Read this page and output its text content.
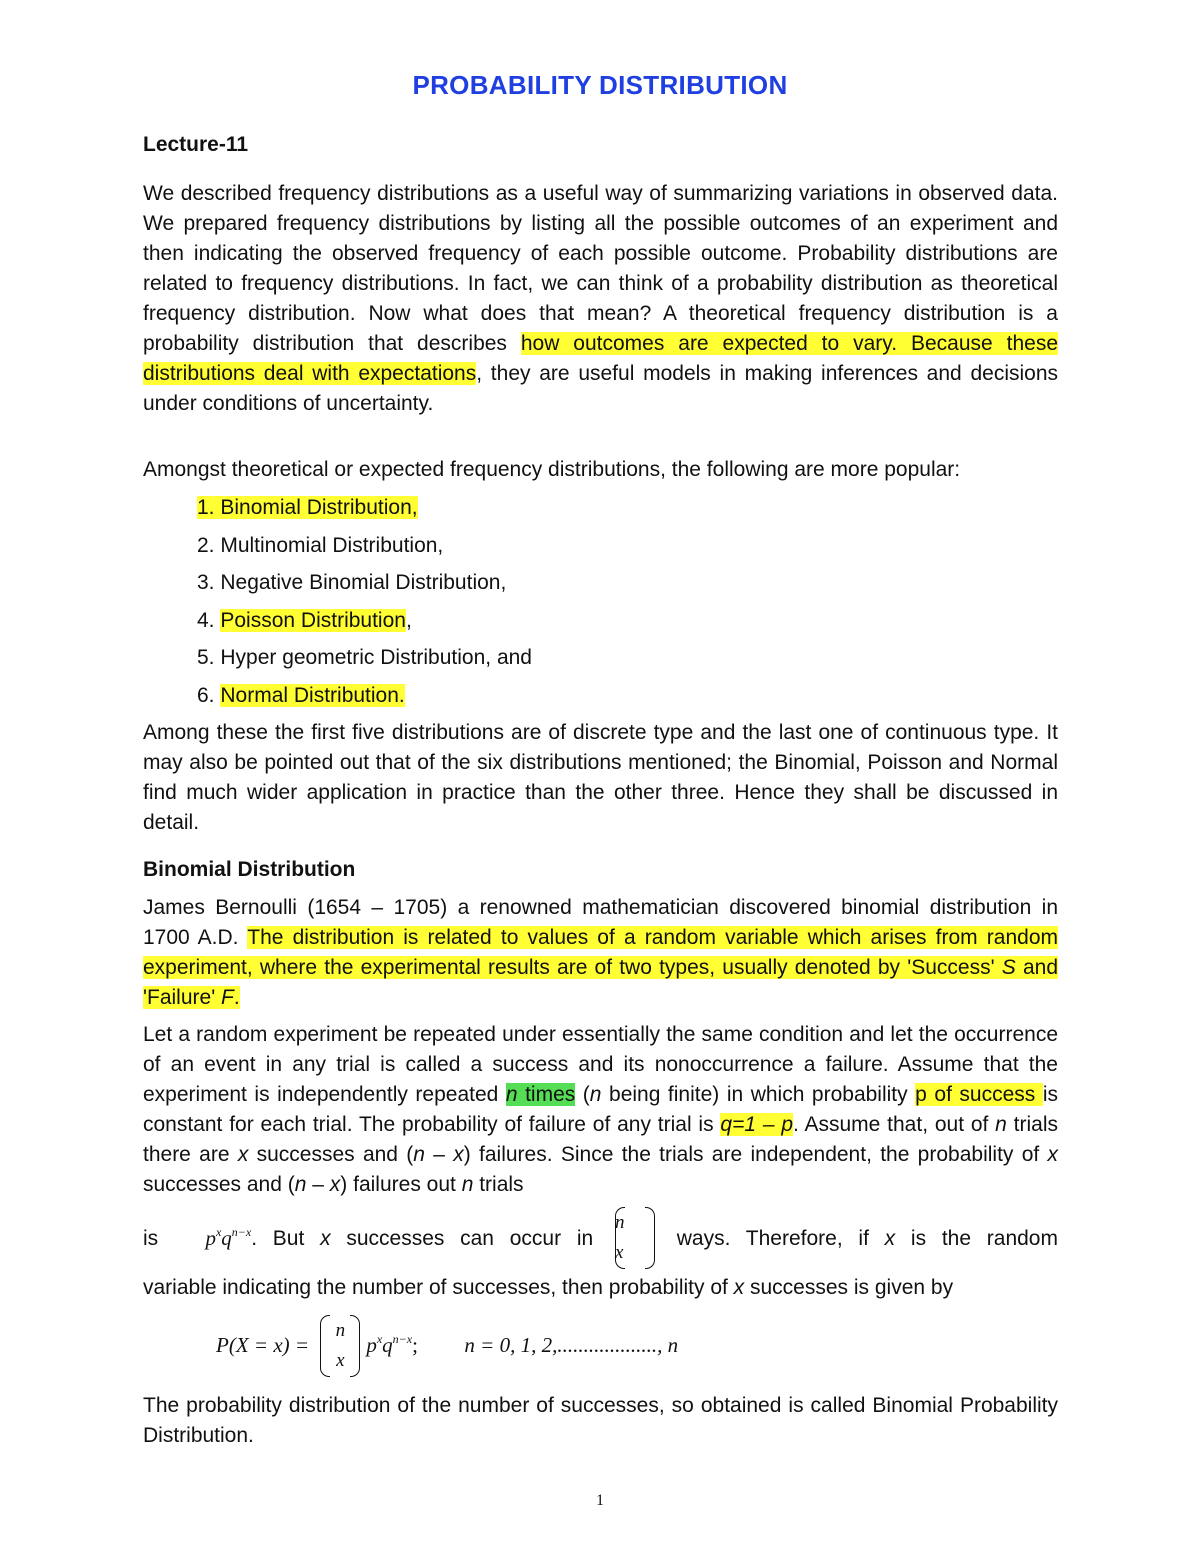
PROBABILITY DISTRIBUTION
Lecture-11

We described frequency distributions as a useful way of summarizing variations in observed data. We prepared frequency distributions by listing all the possible outcomes of an experiment and then indicating the observed frequency of each possible outcome. Probability distributions are related to frequency distributions. In fact, we can think of a probability distribution as theoretical frequency distribution. Now what does that mean? A theoretical frequency distribution is a probability distribution that describes how outcomes are expected to vary. Because these distributions deal with expectations, they are useful models in making inferences and decisions under conditions of uncertainty.

Amongst theoretical or expected frequency distributions, the following are more popular:

1. Binomial Distribution,
2. Multinomial Distribution,
3. Negative Binomial Distribution,
4. Poisson Distribution,
5. Hyper geometric Distribution, and
6. Normal Distribution.

Among these the first five distributions are of discrete type and the last one of continuous type. It may also be pointed out that of the six distributions mentioned; the Binomial, Poisson and Normal find much wider application in practice than the other three. Hence they shall be discussed in detail.

Binomial Distribution

James Bernoulli (1654 – 1705) a renowned mathematician discovered binomial distribution in 1700 A.D. The distribution is related to values of a random variable which arises from random experiment, where the experimental results are of two types, usually denoted by 'Success' S and 'Failure' F.

Let a random experiment be repeated under essentially the same condition and let the occurrence of an event in any trial is called a success and its nonoccurrence a failure. Assume that the experiment is independently repeated n times (n being finite) in which probability p of success is constant for each trial. The probability of failure of any trial is q=1 – p. Assume that, out of n trials there are x successes and (n – x) failures. Since the trials are independent, the probability of x successes and (n – x) failures out n trials

is $p^xq^{n-x}$. But x successes can occur in
n
x
ways. Therefore, if x is the random

variable indicating the number of successes, then probability of x successes is given by

P(X = x) =
n
x
$p^xq^{n-x}$; n = 0, 1, 2,..................., n

The probability distribution of the number of successes, so obtained is called Binomial Probability Distribution.

1
